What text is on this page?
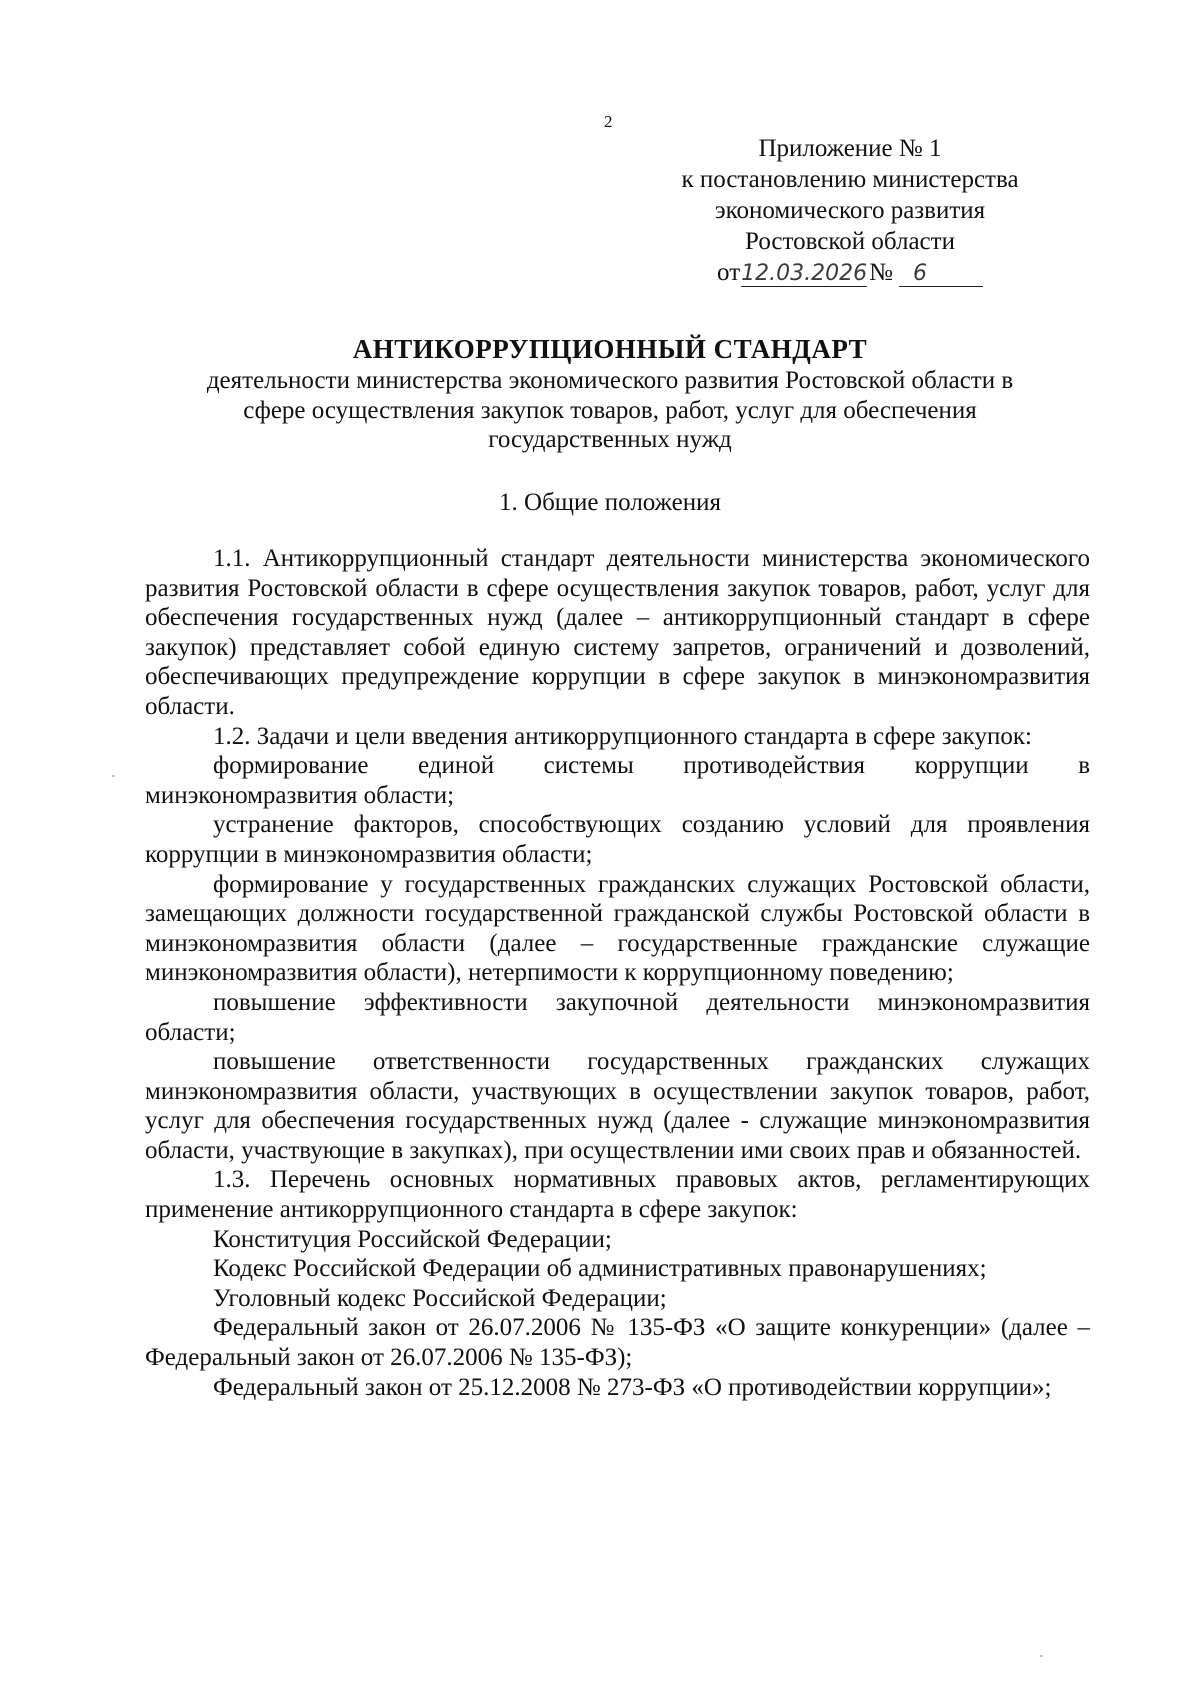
2
Приложение № 1
к постановлению министерства
экономического развития
Ростовской области
от12.03.2026№ 6
АНТИКОРРУПЦИОННЫЙ СТАНДАРТ
деятельности министерства экономического развития Ростовской области в сфере осуществления закупок товаров, работ, услуг для обеспечения государственных нужд
1. Общие положения

1.1. Антикоррупционный стандарт деятельности министерства экономического развития Ростовской области в сфере осуществления закупок товаров, работ, услуг для обеспечения государственных нужд (далее – антикоррупционный стандарт в сфере закупок) представляет собой единую систему запретов, ограничений и дозволений, обеспечивающих предупреждение коррупции в сфере закупок в минэкономразвития области.

1.2. Задачи и цели введения антикоррупционного стандарта в сфере закупок:

формирование единой системы противодействия коррупции в минэкономразвития области;

устранение факторов, способствующих созданию условий для проявления коррупции в минэкономразвития области;

формирование у государственных гражданских служащих Ростовской области, замещающих должности государственной гражданской службы Ростовской области в минэкономразвития области (далее – государственные гражданские служащие минэкономразвития области), нетерпимости к коррупционному поведению;

повышение эффективности закупочной деятельности минэкономразвития области;

повышение ответственности государственных гражданских служащих минэкономразвития области, участвующих в осуществлении закупок товаров, работ, услуг для обеспечения государственных нужд (далее - служащие минэкономразвития области, участвующие в закупках), при осуществлении ими своих прав и обязанностей.

1.3. Перечень основных нормативных правовых актов, регламентирующих применение антикоррупционного стандарта в сфере закупок:

Конституция Российской Федерации;

Кодекс Российской Федерации об административных правонарушениях;

Уголовный кодекс Российской Федерации;

Федеральный закон от 26.07.2006 № 135-ФЗ «О защите конкуренции» (далее – Федеральный закон от 26.07.2006 № 135-ФЗ);

Федеральный закон от 25.12.2008 № 273-ФЗ «О противодействии коррупции»;
